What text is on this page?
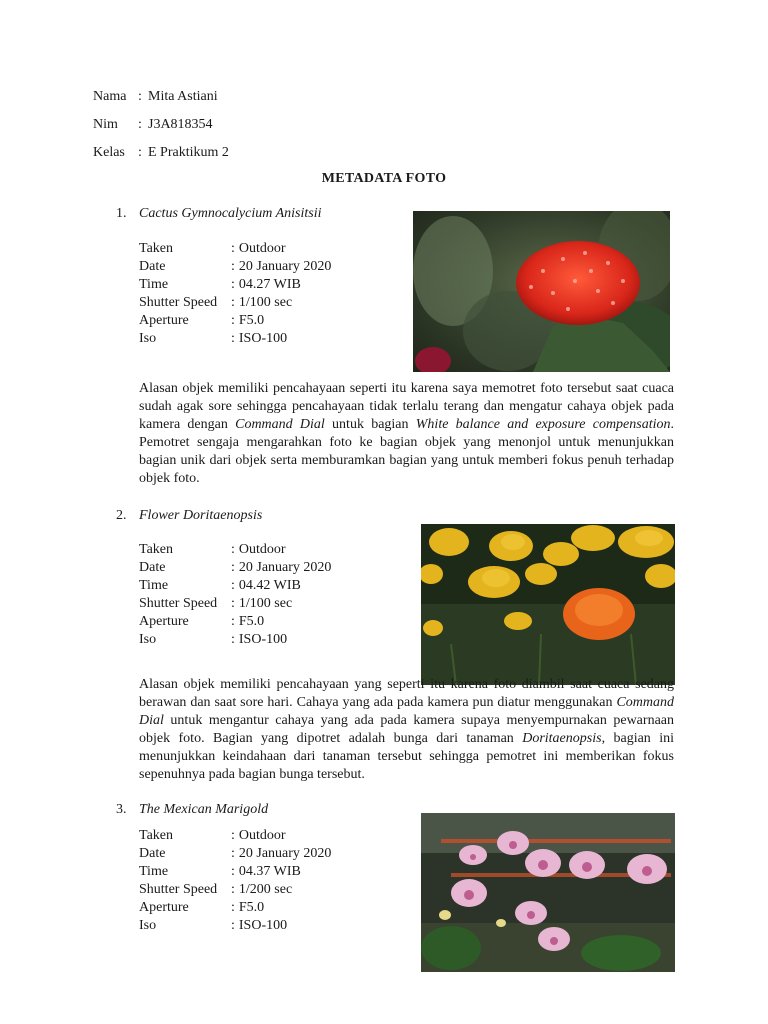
Nama : Mita Astiani
Nim : J3A818354
Kelas : E Praktikum 2
METADATA FOTO
1. Cactus Gymnocalycium Anisitsii
Taken	: Outdoor
Date	: 20 January 2020
Time	: 04.27 WIB
Shutter Speed : 1/100 sec
Aperture	: F5.0
Iso	: ISO-100
Alasan objek memiliki pencahayaan seperti itu karena saya memotret foto tersebut saat cuaca sudah agak sore sehingga pencahayaan tidak terlalu terang dan mengatur cahaya objek pada kamera dengan Command Dial untuk bagian White balance and exposure compensation. Pemotret sengaja mengarahkan foto ke bagian objek yang menonjol untuk menunjukkan bagian unik dari objek serta memburamkan bagian yang untuk memberi fokus penuh terhadap objek foto.
2. Flower Doritaenopsis
Taken	: Outdoor
Date	: 20 January 2020
Time	: 04.42 WIB
Shutter Speed : 1/100 sec
Aperture	: F5.0
Iso	: ISO-100
Alasan objek memiliki pencahayaan yang seperti itu karena foto diambil saat cuaca sedang berawan dan saat sore hari. Cahaya yang ada pada kamera pun diatur menggunakan Command Dial untuk mengantur cahaya yang ada pada kamera supaya menyempurnakan pewarnaan objek foto. Bagian yang dipotret adalah bunga dari tanaman Doritaenopsis, bagian ini menunjukkan keindahaan dari tanaman tersebut sehingga pemotret ini memberikan fokus sepenuhnya pada bagian bunga tersebut.
3. The Mexican Marigold
Taken	: Outdoor
Date	: 20 January 2020
Time	: 04.37 WIB
Shutter Speed : 1/200 sec
Aperture	: F5.0
Iso	: ISO-100
